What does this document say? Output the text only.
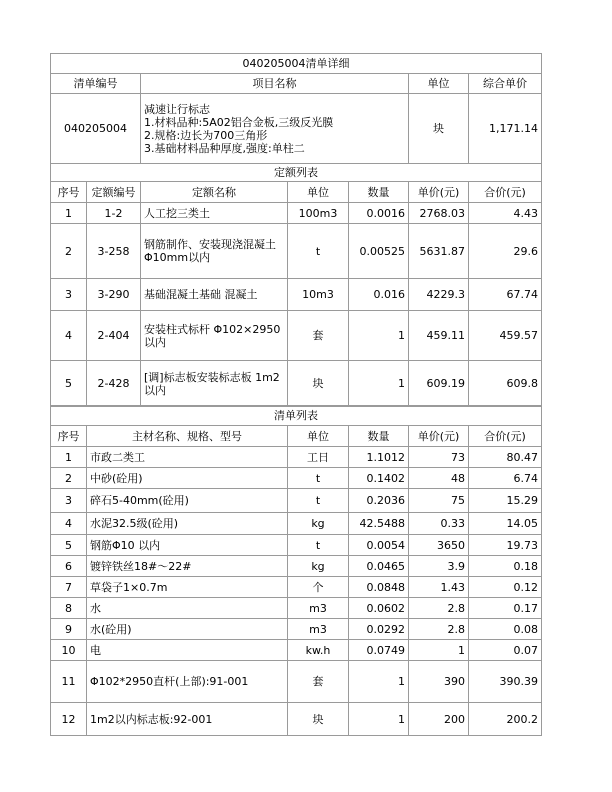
040205004清单详细			
清单编号	项目名称	单位	综合单价
040205004	减速让行标志
1.材料品种:5A02铝合金板,三级反光膜
2.规格:边长为700三角形
3.基础材料品种厚度,强度:单柱二	块	1,171.14
定额列表						
序号	定额编号	定额名称	单位	数量	单价(元)	合价(元)
1	1-2	人工挖三类土	100m3	0.0016	2768.03	4.43
2	3-258	钢筋制作、安装现浇混凝土Φ10mm以内	t	0.00525	5631.87	29.6
3	3-290	基础混凝土基础 混凝土	10m3	0.016	4229.3	67.74
4	2-404	安装柱式标杆 Φ102×2950以内	套	1	459.11	459.57
5	2-428	[调]标志板安装标志板 1m2以内	块	1	609.19	609.8
清单列表					
序号	主材名称、规格、型号	单位	数量	单价(元)	合价(元)
1	市政二类工	工日	1.1012	73	80.47
2	中砂(砼用)	t	0.1402	48	6.74
3	碎石5-40mm(砼用)	t	0.2036	75	15.29
4	水泥32.5级(砼用)	kg	42.5488	0.33	14.05
5	钢筋Φ10 以内	t	0.0054	3650	19.73
6	镀锌铁丝18#～22#	kg	0.0465	3.9	0.18
7	草袋子1×0.7m	个	0.0848	1.43	0.12
8	水	m3	0.0602	2.8	0.17
9	水(砼用)	m3	0.0292	2.8	0.08
10	电	kw.h	0.0749	1	0.07
11	Φ102*2950直杆(上部):91-001	套	1	390	390.39
12	1m2以内标志板:92-001	块	1	200	200.2
